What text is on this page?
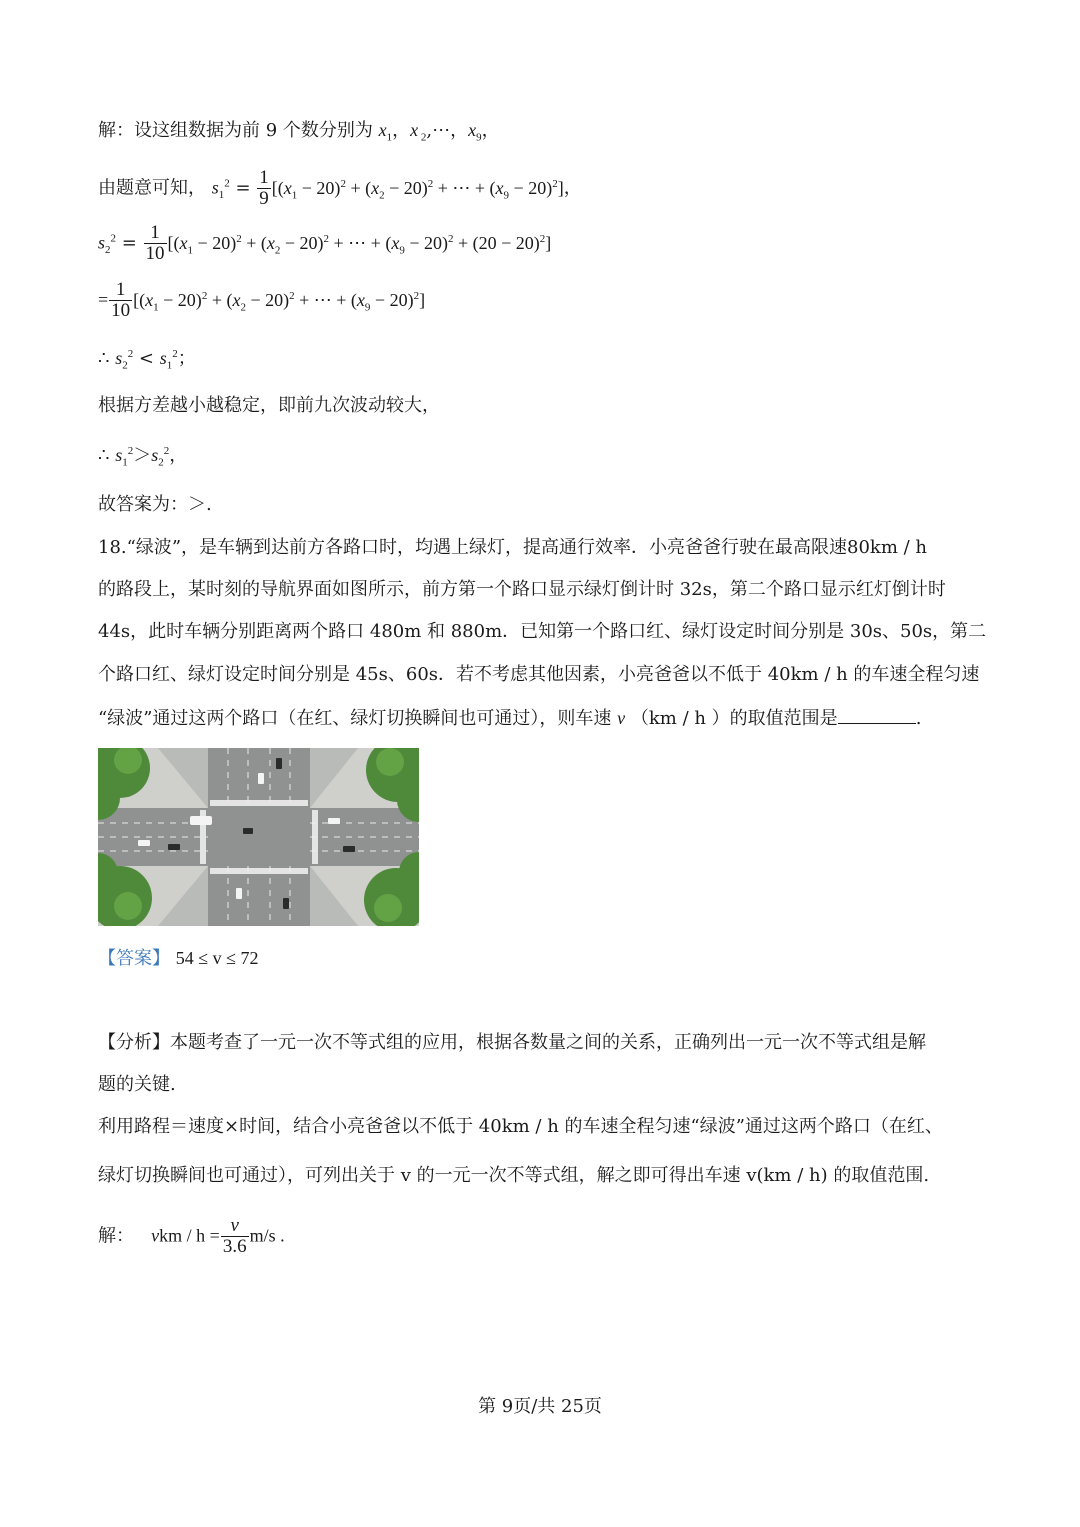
解：设这组数据为前 9 个数分别为 $x_1$，x $_2$,⋯，$x_9$，
由题意可知， $s_1^2 = \frac{1}{9} [(x_1 - 20)^2 + (x_2 - 20)^2$ + ⋯ + $(x_9 - 20)^2$]，
$s_2^2 = \frac{1}{10} [(x_1 - 20)^2 + (x_2 - 20)^2$ + ⋯ + $(x_9 - 20)^2 + (20 - 20)^2$]
= $\frac{1}{10} [(x_1 - 20)^2 + (x_2 - 20)^2$ + ⋯ + $(x_9 - 20)^2$]
∴ $s_2^2 < s_1^2$；
根据方差越小越稳定，即前九次波动较大，
∴ $s_1^2>s_2^2$，
故答案为：＞.
18.“绿波”，是车辆到达前方各路口时，均遇上绿灯，提高通行效率．小亮爸爸行驶在最高限速80km / h
的路段上，某时刻的导航界面如图所示，前方第一个路口显示绿灯倒计时 32s，第二个路口显示红灯倒计时
44s，此时车辆分别距离两个路口 480m 和 880m．已知第一个路口红、绿灯设定时间分别是 30s、50s，第二
个路口红、绿灯设定时间分别是 45s、60s．若不考虑其他因素，小亮爸爸以不低于 40km / h 的车速全程匀速
“绿波”通过这两个路口（在红、绿灯切换瞬间也可通过），则车速 v （km / h ）的取值范围是	.
【答案】 54 ≤ v ≤ 72
【分析】本题考查了一元一次不等式组的应用，根据各数量之间的关系，正确列出一元一次不等式组是解
题的关键.
利用路程＝速度×时间，结合小亮爸爸以不低于 40km / h 的车速全程匀速“绿波”通过这两个路口（在红、
绿灯切换瞬间也可通过），可列出关于 v 的一元一次不等式组，解之即可得出车速 v(km / h) 的取值范围.
解： vkm / $h = \frac{v}{3.6} m/s$ .
第 9页/共 25页
